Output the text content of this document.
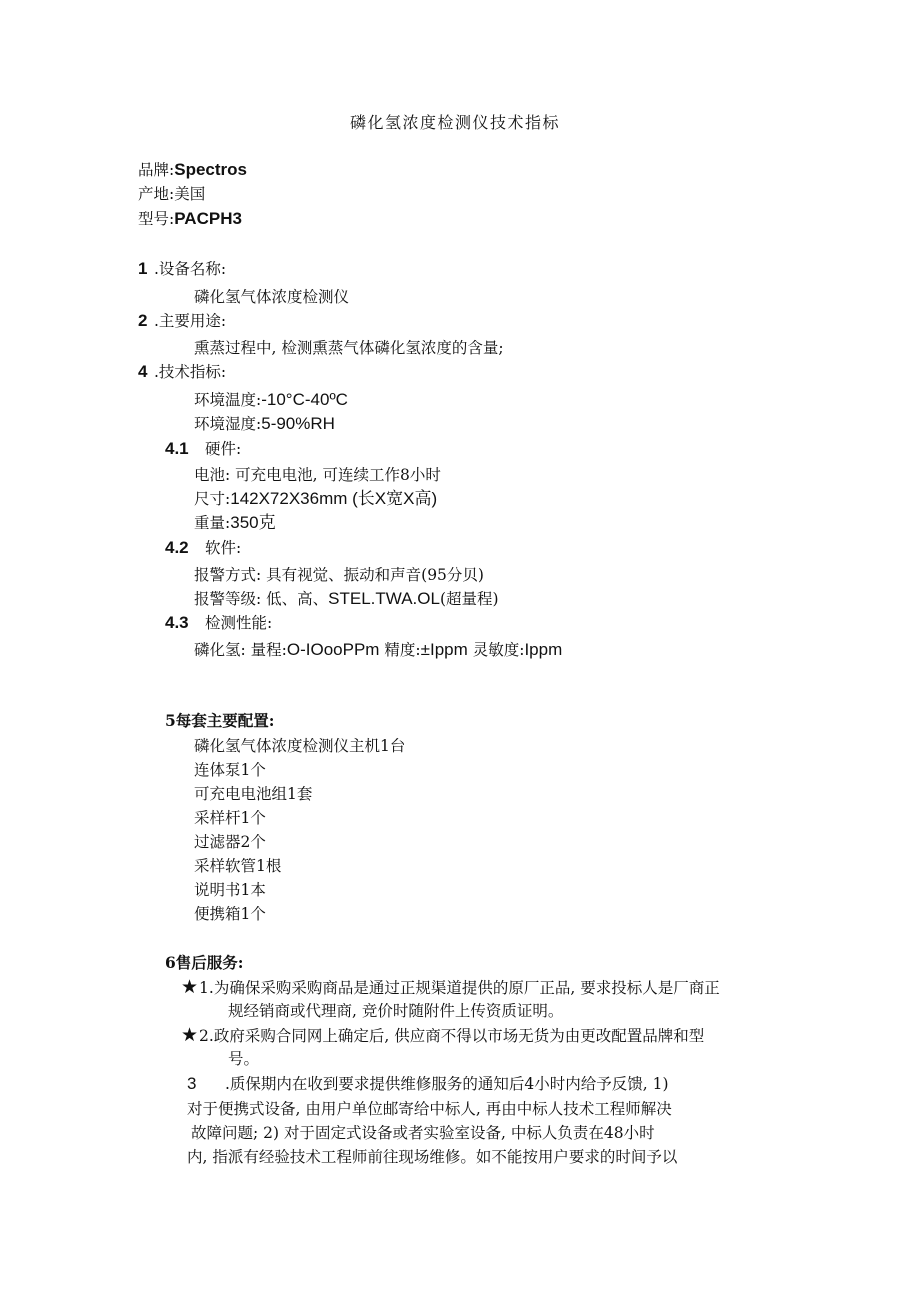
磷化氢浓度检测仪技术指标
品牌:Spectros
产地:美国
型号:PACPH3
1 .设备名称:
磷化氢气体浓度检测仪
2 .主要用途:
熏蒸过程中, 检测熏蒸气体磷化氢浓度的含量;
4 .技术指标:
环境温度:-10°C-40ºC
环境湿度:5-90%RH
4.1 硬件:
电池: 可充电电池, 可连续工作8小时
尺寸:142X72X36mm (长X宽X高)
重量:350克
4.2 软件:
报警方式: 具有视觉、振动和声音(95分贝)
报警等级: 低、高、STEL.TWA.OL(超量程)
4.3 检测性能:
磷化氢: 量程:O-IOooPPm 精度:±Ippm 灵敏度:Ippm
5每套主要配置:
磷化氢气体浓度检测仪主机1台
连体泵1个
可充电电池组1套
采样杆1个
过滤器2个
采样软管1根
说明书1本
便携箱1个
6售后服务:
★1.为确保采购采购商品是通过正规渠道提供的原厂正品, 要求投标人是厂商正
规经销商或代理商, 竞价时随附件上传资质证明。
★2.政府采购合同网上确定后, 供应商不得以市场无货为由更改配置品牌和型
号。
3 .质保期内在收到要求提供维修服务的通知后4小时内给予反馈, 1)
对于便携式设备, 由用户单位邮寄给中标人, 再由中标人技术工程师解决
故障问题; 2) 对于固定式设备或者实验室设备, 中标人负责在48小时
内, 指派有经验技术工程师前往现场维修。如不能按用户要求的时间予以
